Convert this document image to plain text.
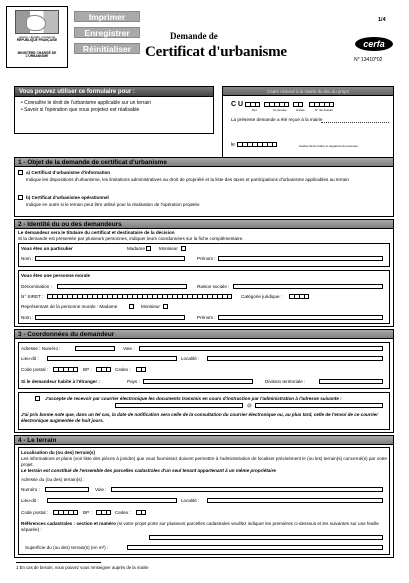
Liberté • Égalité • Fraternité
RÉPUBLIQUE FRANÇAISE
MINISTÈRE CHARGÉ DE L'URBANISME
Imprimer
Enregistrer
Réinitialiser
Demande de
Certificat d'urbanisme
1/4
cerfa
N° 13410*02
Vous pouvez utiliser ce formulaire pour :
• Connaître le droit de l'urbanisme applicable sur un terrain
• Savoir si l'opération que vous projetez est réalisable
Cadre réservé à la mairie du lieu du projet
C U
Dpt	Commune	Année	N° de dossier
La présente demande a été reçue à la mairie
le	Cachet de la mairie et signature du receveur
1 - Objet de la demande de certificat d'urbanisme
a) Certificat d'urbanisme d'information
Indique les dispositions d'urbanisme, les limitations administratives au droit de propriété et la liste des taxes et participations d'urbanisme applicables au terrain
b) Certificat d'urbanisme opérationnel
Indique en outre si le terrain peut être utilisé pour la réalisation de l'opération projetée
2 - Identité du ou des demandeurs
Le demandeur sera le titulaire du certificat et destinataire de la décision
Si la demande est présentée par plusieurs personnes, indiquer leurs coordonnées sur la fiche complémentaire.
Vous êtes un particulier	Madame	Monsieur
Nom :	Prénom :
Vous êtes une personne morale
Dénomination :	Raison sociale :
N° SIRET :	Catégorie juridique :
Représentant de la personne morale : Madame	Monsieur
Nom :	Prénom :
3 - Coordonnées du demandeur
Adresse : Numéro :	Voie :
Lieu-dit :	Localité :
Code postal :	BP :	Cedex :
Si le demandeur habite à l'étranger :	Pays :	Division territoriale :
J'accepte de recevoir par courrier électronique les documents transmis en cours d'instruction par l'administration à l'adresse suivante :
@
J'ai pris bonne note que, dans un tel cas, la date de notification sera celle de la consultation du courrier électronique ou, au plus tard, celle de l'envoi de ce courrier électronique augmentée de huit jours.
4 - Le terrain
Localisation du (ou des) terrain(s)
Les informations et plans (voir liste des pièces à joindre) que vous fournissez doivent permettre à l'administration de localiser précisément le (ou les) terrain(s) concerné(s) par votre projet.
Le terrain est constitué de l'ensemble des parcelles cadastrales d'un seul tenant appartenant à un même propriétaire
Adresse du (ou des) terrain(s) :
Numéro :	Voie :
Lieu-dit :	Localité :
Code postal :	BP :	Cedex :
Références cadastrales : section et numéro (si votre projet porte sur plusieurs parcelles cadastrales veuillez indiquer les premières ci-dessous et les suivantes sur une feuille séparée) :
Superficie du (ou des) terrain(s) (en m²) :
1 En cas de besoin, vous pouvez vous renseigner auprès de la mairie
